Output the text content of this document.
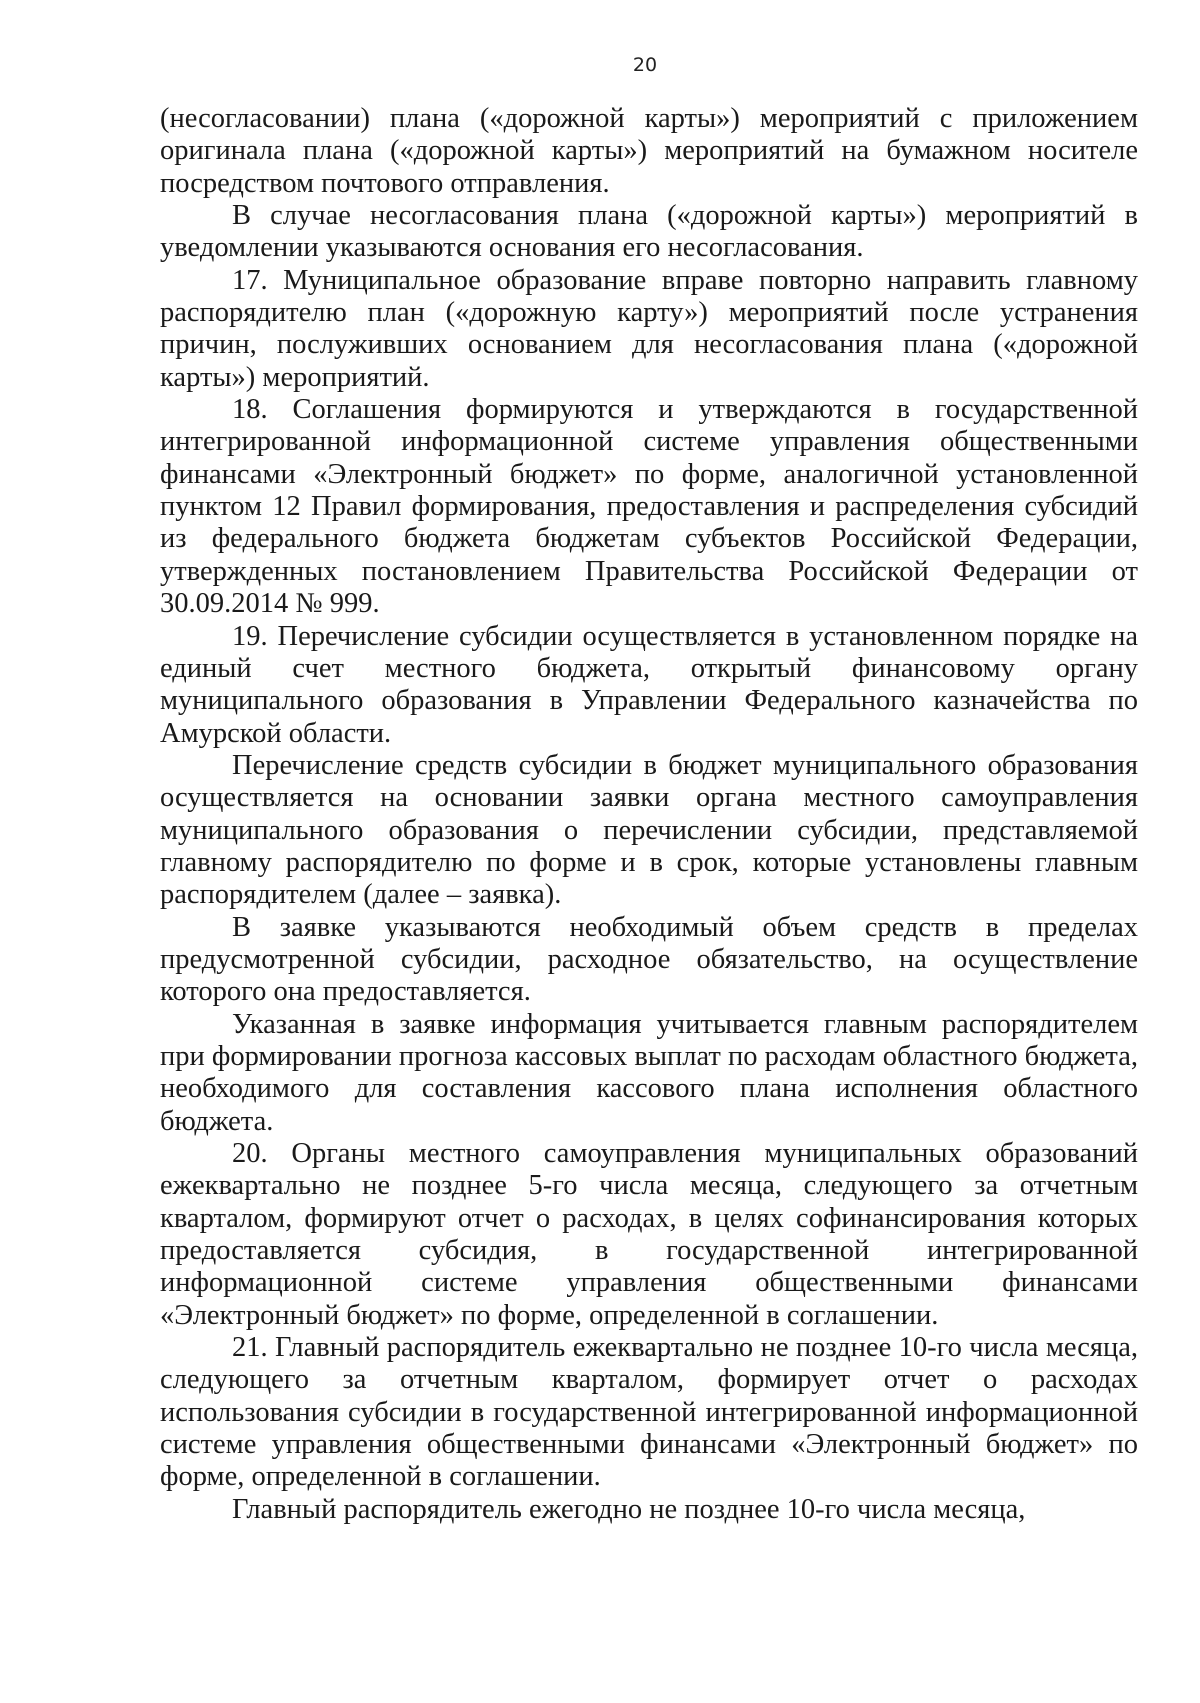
20

(несогласовании) плана («дорожной карты») мероприятий с приложением оригинала плана («дорожной карты») мероприятий на бумажном носителе посредством почтового отправления.

В случае несогласования плана («дорожной карты») мероприятий в уведомлении указываются основания его несогласования.

17. Муниципальное образование вправе повторно направить главному распорядителю план («дорожную карту») мероприятий после устранения причин, послуживших основанием для несогласования плана («дорожной карты») мероприятий.

18. Соглашения формируются и утверждаются в государственной интегрированной информационной системе управления общественными финансами «Электронный бюджет» по форме, аналогичной установленной пунктом 12 Правил формирования, предоставления и распределения субсидий из федерального бюджета бюджетам субъектов Российской Федерации, утвержденных постановлением Правительства Российской Федерации от 30.09.2014 № 999.

19. Перечисление субсидии осуществляется в установленном порядке на единый счет местного бюджета, открытый финансовому органу муниципального образования в Управлении Федерального казначейства по Амурской области.

Перечисление средств субсидии в бюджет муниципального образования осуществляется на основании заявки органа местного самоуправления муниципального образования о перечислении субсидии, представляемой главному распорядителю по форме и в срок, которые установлены главным распорядителем (далее – заявка).

В заявке указываются необходимый объем средств в пределах предусмотренной субсидии, расходное обязательство, на осуществление которого она предоставляется.

Указанная в заявке информация учитывается главным распорядителем при формировании прогноза кассовых выплат по расходам областного бюджета, необходимого для составления кассового плана исполнения областного бюджета.

20. Органы местного самоуправления муниципальных образований ежеквартально не позднее 5-го числа месяца, следующего за отчетным кварталом, формируют отчет о расходах, в целях софинансирования которых предоставляется субсидия, в государственной интегрированной информационной системе управления общественными финансами «Электронный бюджет» по форме, определенной в соглашении.

21. Главный распорядитель ежеквартально не позднее 10-го числа месяца, следующего за отчетным кварталом, формирует отчет о расходах использования субсидии в государственной интегрированной информационной системе управления общественными финансами «Электронный бюджет» по форме, определенной в соглашении.

Главный распорядитель ежегодно не позднее 10-го числа месяца,
